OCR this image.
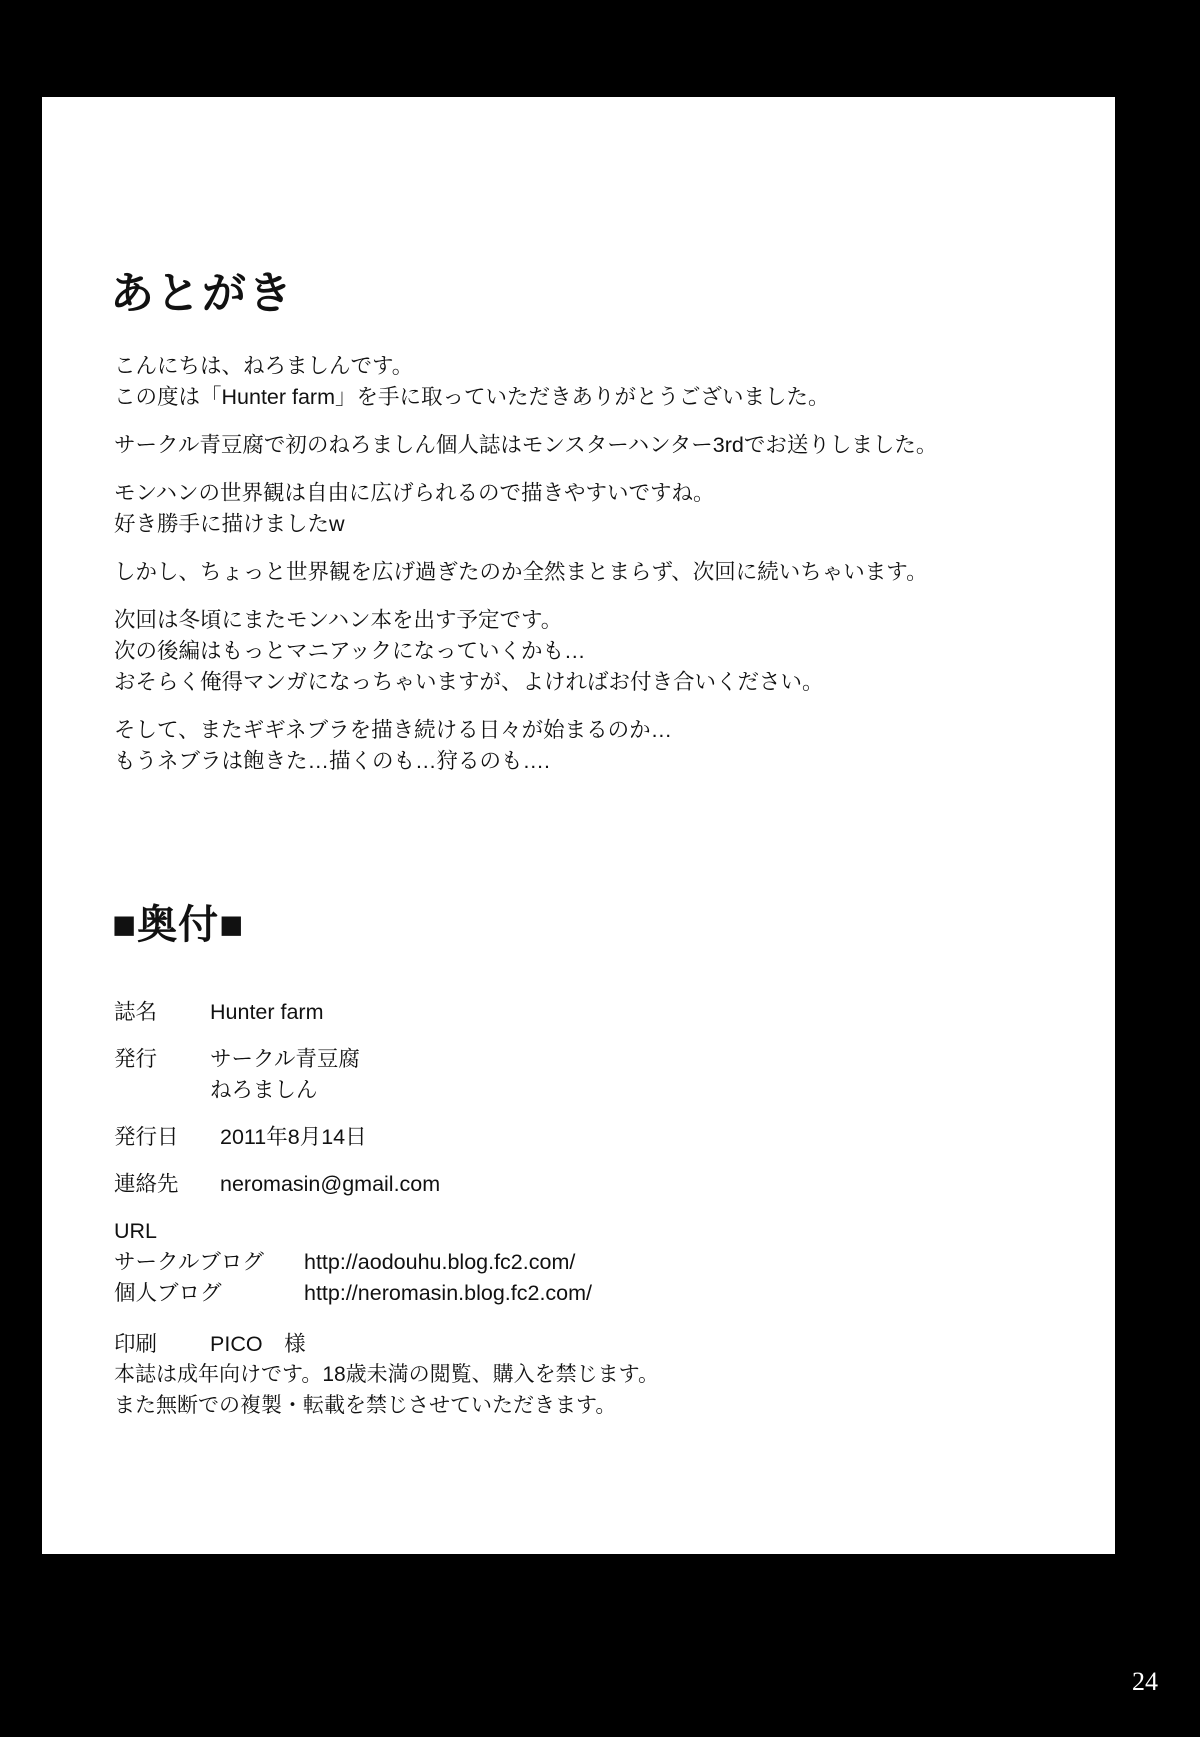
あとがき
こんにちは、ねろましんです。
この度は「Hunter farm」を手に取っていただきありがとうございました。
サークル青豆腐で初のねろましん個人誌はモンスターハンター3rdでお送りしました。
モンハンの世界観は自由に広げられるので描きやすいですね。
好き勝手に描けましたw
しかし、ちょっと世界観を広げ過ぎたのか全然まとまらず、次回に続いちゃいます。
次回は冬頃にまたモンハン本を出す予定です。
次の後編はもっとマニアックになっていくかも…
おそらく俺得マンガになっちゃいますが、よければお付き合いください。
そして、またギギネブラを描き続ける日々が始まるのか…
もうネブラは飽きた…描くのも…狩るのも….
■奥付■
誌名 Hunter farm
発行 サークル青豆腐
ねろましん
発行日 2011年8月14日
連絡先 neromasin@gmail.com
URL
サークルブログ http://aodouhu.blog.fc2.com/
個人ブログ	http://neromasin.blog.fc2.com/
印刷 PICO　様
本誌は成年向けです。18歳未満の閲覧、購入を禁じます。
また無断での複製・転載を禁じさせていただきます。
24
